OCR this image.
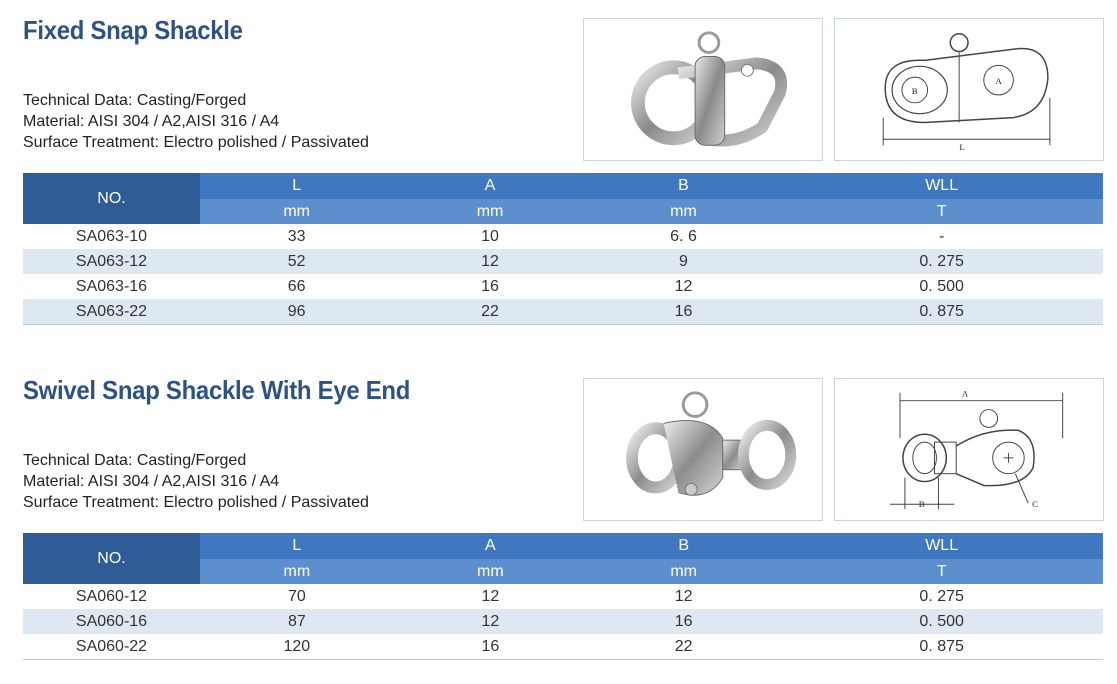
Fixed Snap Shackle
Technical Data: Casting/Forged
Material: AISI 304 / A2,AISI 316 / A4
Surface Treatment: Electro polished / Passivated
B
A
L
NO.	L	A	B	WLL
	mm	mm	mm	T
SA063-10	33	10	6. 6	-
SA063-12	52	12	9	0. 275
SA063-16	66	16	12	0. 500
SA063-22	96	22	16	0. 875
Swivel Snap Shackle With Eye End
Technical Data: Casting/Forged
Material: AISI 304 / A2,AISI 316 / A4
Surface Treatment: Electro polished / Passivated
A
B	C
NO.	L	A	B	WLL
	mm	mm	mm	T
SA060-12	70	12	12	0. 275
SA060-16	87	12	16	0. 500
SA060-22	120	16	22	0. 875
